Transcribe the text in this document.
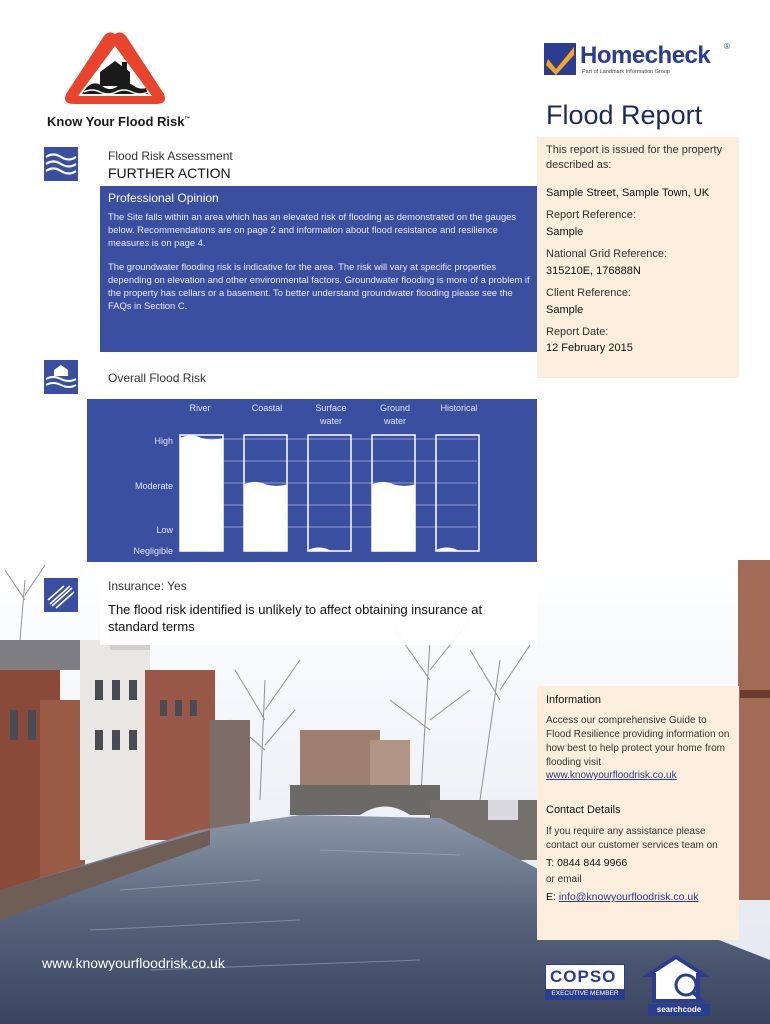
Know Your Flood Risk™
Homecheck ®
Part of Landmark Information Group
Flood Report
This report is issued for the property described as:
Sample Street, Sample Town, UK
Report Reference:
Sample
National Grid Reference:
315210E, 176888N
Client Reference:
Sample
Report Date:
12 February 2015
Flood Risk Assessment
FURTHER ACTION
Professional Opinion
The Site falls within an area which has an elevated risk of flooding as demonstrated on the gauges below. Recommendations are on page 2 and information about flood resistance and resilience measures is on page 4.
The groundwater flooding risk is indicative for the area. The risk will vary at specific properties depending on elevation and other environmental factors. Groundwater flooding is more of a problem if the property has cellars or a basement. To better understand groundwater flooding please see the FAQs in Section C.
Overall Flood Risk
River	Coastal	Surface
water
Ground
water
Historical
High
Moderate
Low
Negligible
Insurance: Yes
The flood risk identified is unlikely to affect obtaining insurance at standard terms
Information
Access our comprehensive Guide to Flood Resilience providing information on how best to help protect your home from flooding visit
www.knowyourfloodrisk.co.uk
Contact Details
If you require any assistance please contact our customer services team on
T: 0844 844 9966
or email
E: info@knowyourfloodrisk.co.uk
www.knowyourfloodrisk.co.uk
COPSO
EXECUTIVE MEMBER
searchcode
